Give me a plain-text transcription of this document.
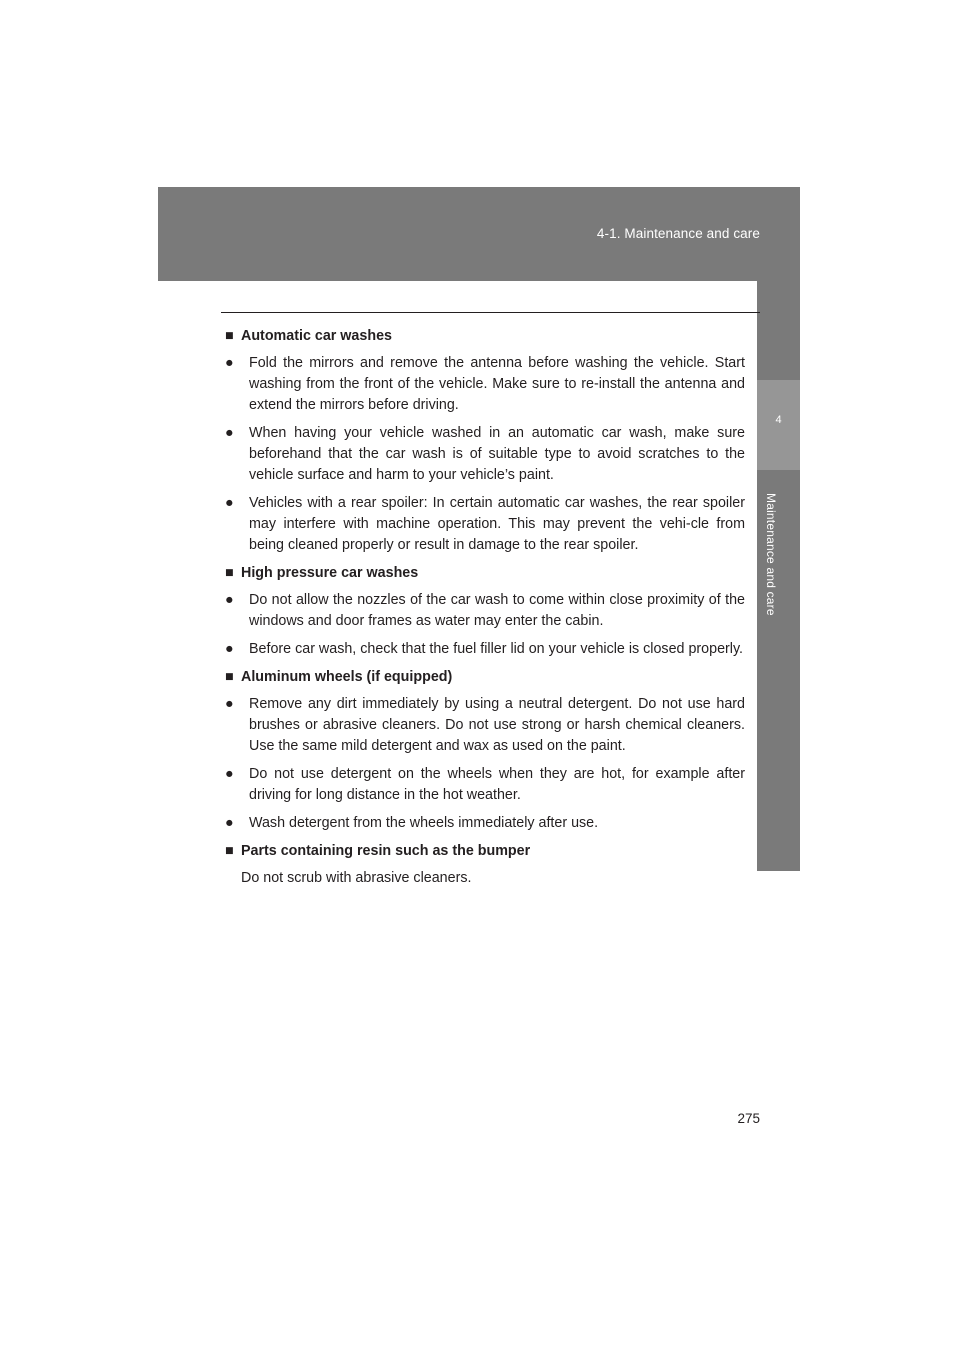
4-1. Maintenance and care
4
Maintenance and care
■ Automatic car washes
●	Fold the mirrors and remove the antenna before washing the vehicle. Start washing from the front of the vehicle. Make sure to re-install the antenna and extend the mirrors before driving.
●	When having your vehicle washed in an automatic car wash, make sure beforehand that the car wash is of suitable type to avoid scratches to the vehicle surface and harm to your vehicle’s paint.
●	Vehicles with a rear spoiler: In certain automatic car washes, the rear spoiler may interfere with machine operation. This may prevent the vehi-cle from being cleaned properly or result in damage to the rear spoiler.
■ High pressure car washes
●	Do not allow the nozzles of the car wash to come within close proximity of the windows and door frames as water may enter the cabin.
●	Before car wash, check that the fuel filler lid on your vehicle is closed properly.
■ Aluminum wheels (if equipped)
●	Remove any dirt immediately by using a neutral detergent. Do not use hard brushes or abrasive cleaners. Do not use strong or harsh chemical cleaners. Use the same mild detergent and wax as used on the paint.
●	Do not use detergent on the wheels when they are hot, for example after driving for long distance in the hot weather.
●	Wash detergent from the wheels immediately after use.
■ Parts containing resin such as the bumper
Do not scrub with abrasive cleaners.
275
